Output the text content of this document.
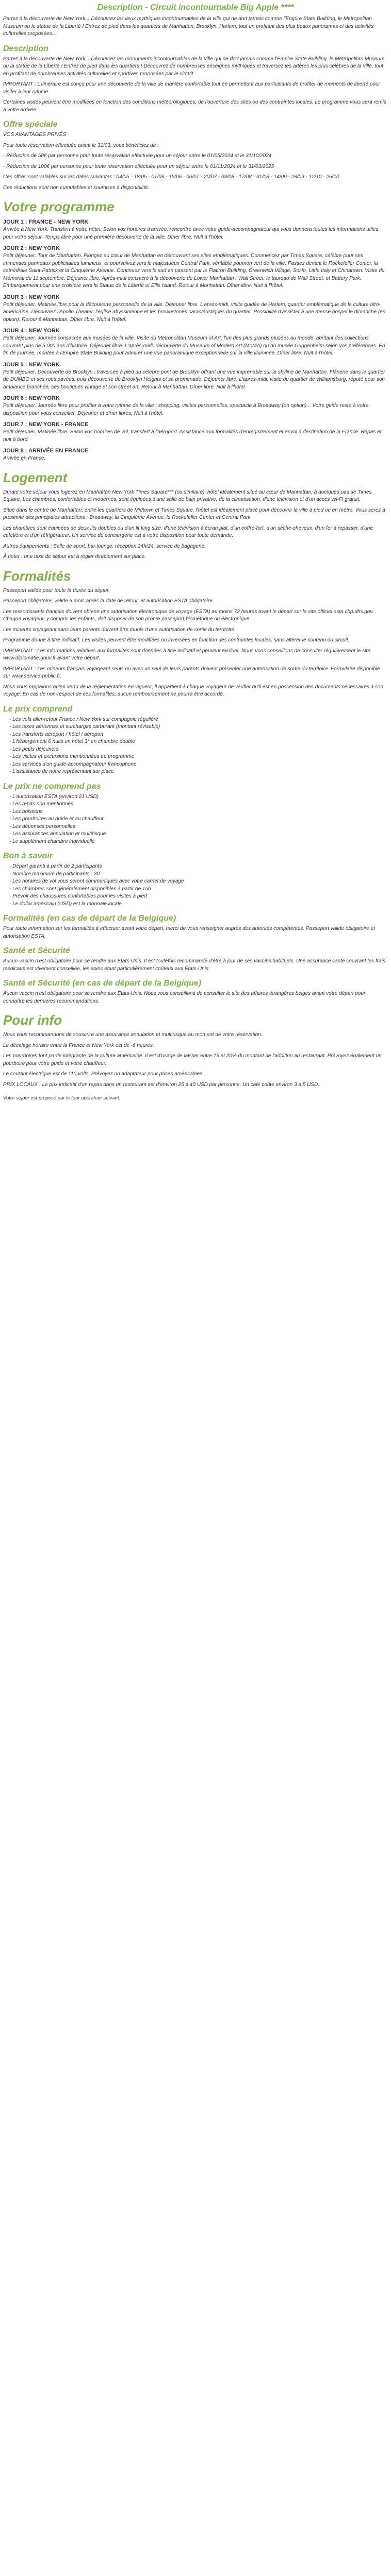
Description - Circuit incontournable Big Apple ****

Partez à la découverte de New York... Découvrez les lieux mythiques incontournables de la ville qui ne dort jamais comme l'Empire State Building, le Metropolitan Museum ou le statue de la Liberté ! Entrez de pied dans les quartiers de Manhattan, Brooklyn, Harlem, tout en profitant des plus beaux panoramas et des activités culturelles proposées...

Description

Partez à la découverte de New York... Découvrez les monuments incontournables de la ville qui ne dort jamais comme l'Empire State Building, le Metropolitan Museum ou la statue de la Liberté ! Entrez de pied dans les quartiers ! Découvrez de nombreuses enseignes mythiques et traversez les artères les plus célèbres de la ville, tout en profitant de nombreuses activités culturelles et sportives proposées par le circuit.

IMPORTANT : L'itinéraire est conçu pour une découverte de la ville de manière confortable tout en permettant aux participants de profiter de moments de liberté pour visiter à leur rythme.

Certaines visites peuvent être modifiées en fonction des conditions météorologiques, de l'ouverture des sites ou des contraintes locales. Le programme vous sera remis à votre arrivée.

Offre spéciale

VOS AVANTAGES PRIVÉS

Pour toute réservation effectuée avant le 31/03, vous bénéficiez de :

- Réduction de 50€ par personne pour toute réservation effectuée pour un séjour entre le 01/05/2024 et le 31/10/2024

- Réduction de 100€ par personne pour toute réservation effectuée pour un séjour entre le 01/11/2024 et le 31/03/2025

Ces offres sont valables sur les dates suivantes : 04/05 - 18/05 - 01/06 - 15/06 - 06/07 - 20/07 - 03/08 - 17/08 - 31/08 - 14/09 - 28/09 - 12/10 - 26/10

Ces réductions sont non cumulables et soumises à disponibilité.

Votre programme
JOUR 1 : FRANCE - NEW YORK

Arrivée à New York. Transfert à votre hôtel. Selon vos horaires d'arrivée, rencontre avec votre guide-accompagnateur qui vous donnera toutes les informations utiles pour votre séjour. Temps libre pour une première découverte de la ville. Dîner libre. Nuit à l'hôtel.

JOUR 2 : NEW YORK

Petit déjeuner. Tour de Manhattan. Plongez au cœur de Manhattan en découvrant ses sites emblématiques. Commencez par Times Square, célèbre pour ses immenses panneaux publicitaires lumineux, et poursuivez vers le majestueux Central Park, véritable poumon vert de la ville. Passez devant le Rockefeller Center, la cathédrale Saint-Patrick et la Cinquième Avenue. Continuez vers le sud en passant par le Flatiron Building, Greenwich Village, SoHo, Little Italy et Chinatown. Visite du Mémorial du 11 septembre. Déjeuner libre. Après-midi consacré à la découverte de Lower Manhattan : Wall Street, le taureau de Wall Street, et Battery Park. Embarquement pour une croisière vers la Statue de la Liberté et Ellis Island. Retour à Manhattan. Dîner libre. Nuit à l'hôtel.

JOUR 3 : NEW YORK

Petit déjeuner. Matinée libre pour la découverte personnelle de la ville. Déjeuner libre. L'après-midi, visite guidée de Harlem, quartier emblématique de la culture afro-américaine. Découvrez l'Apollo Theater, l'église abyssinienne et les brownstones caractéristiques du quartier. Possibilité d'assister à une messe gospel le dimanche (en option). Retour à Manhattan. Dîner libre. Nuit à l'hôtel.

JOUR 4 : NEW YORK

Petit déjeuner. Journée consacrée aux musées de la ville. Visite du Metropolitan Museum of Art, l'un des plus grands musées au monde, abritant des collections couvrant plus de 5 000 ans d'histoire. Déjeuner libre. L'après-midi, découverte du Museum of Modern Art (MoMA) ou du musée Guggenheim selon vos préférences. En fin de journée, montée à l'Empire State Building pour admirer une vue panoramique exceptionnelle sur la ville illuminée. Dîner libre. Nuit à l'hôtel.

JOUR 5 : NEW YORK

Petit déjeuner. Découverte de Brooklyn : traversée à pied du célèbre pont de Brooklyn offrant une vue imprenable sur la skyline de Manhattan. Flânerie dans le quartier de DUMBO et ses rues pavées, puis découverte de Brooklyn Heights et sa promenade. Déjeuner libre. L'après-midi, visite du quartier de Williamsburg, réputé pour son ambiance branchée, ses boutiques vintage et son street art. Retour à Manhattan. Dîner libre. Nuit à l'hôtel.

JOUR 6 : NEW YORK

Petit déjeuner. Journée libre pour profiter à votre rythme de la ville : shopping, visites personnelles, spectacle à Broadway (en option)... Votre guide reste à votre disposition pour vous conseiller. Déjeuner et dîner libres. Nuit à l'hôtel.

JOUR 7 : NEW YORK - FRANCE

Petit déjeuner. Matinée libre. Selon vos horaires de vol, transfert à l'aéroport. Assistance aux formalités d'enregistrement et envol à destination de la France. Repas et nuit à bord.

JOUR 8 : ARRIVÉE EN FRANCE

Arrivée en France.

Logement

Durant votre séjour vous logerez en Manhattan New York Times Square*** (ou similaire), hôtel idéalement situé au cœur de Manhattan, à quelques pas de Times Square. Les chambres, confortables et modernes, sont équipées d'une salle de bain privative, de la climatisation, d'une télévision et d'un accès Wi-Fi gratuit.

Situé dans le centre de Manhattan, entre les quartiers de Midtown et Times Square, l'hôtel est idéalement placé pour découvrir la ville à pied ou en métro. Vous serez à proximité des principales attractions : Broadway, la Cinquième Avenue, le Rockefeller Center et Central Park.

Les chambres sont équipées de deux lits doubles ou d'un lit king size, d'une télévision à écran plat, d'un coffre-fort, d'un sèche-cheveux, d'un fer à repasser, d'une cafetière et d'un réfrigérateur. Un service de conciergerie est à votre disposition pour toute demande.

Autres équipements : Salle de sport, bar-lounge, réception 24h/24, service de bagagerie.

À noter : une taxe de séjour est à régler directement sur place.

Formalités

Passeport valide pour toute la durée du séjour.

Passeport obligatoire, valide 6 mois après la date de retour, et autorisation ESTA obligatoire.

Les ressortissants français doivent obtenir une autorisation électronique de voyage (ESTA) au moins 72 heures avant le départ sur le site officiel esta.cbp.dhs.gov. Chaque voyageur, y compris les enfants, doit disposer de son propre passeport biométrique ou électronique.

Les mineurs voyageant sans leurs parents doivent être munis d'une autorisation de sortie du territoire.

Programme donné à titre indicatif. Les visites peuvent être modifiées ou inversées en fonction des contraintes locales, sans altérer le contenu du circuit.

IMPORTANT : Les informations relatives aux formalités sont données à titre indicatif et peuvent évoluer. Nous vous conseillons de consulter régulièrement le site www.diplomatie.gouv.fr avant votre départ.

IMPORTANT : Les mineurs français voyageant seuls ou avec un seul de leurs parents doivent présenter une autorisation de sortie du territoire. Formulaire disponible sur www.service-public.fr.

Nous vous rappelons qu'en vertu de la réglementation en vigueur, il appartient à chaque voyageur de vérifier qu'il est en possession des documents nécessaires à son voyage. En cas de non-respect de ces formalités, aucun remboursement ne pourra être accordé.

Le prix comprend
- Les vols aller-retour France / New York sur compagnie régulière
- Les taxes aériennes et surcharges carburant (montant révisable)
- Les transferts aéroport / hôtel / aéroport
- L'hébergement 6 nuits en hôtel 3* en chambre double
- Les petits déjeuners
- Les visites et excursions mentionnées au programme
- Les services d'un guide-accompagnateur francophone
- L'assistance de notre représentant sur place
Le prix ne comprend pas
- L'autorisation ESTA (environ 21 USD)
- Les repas non mentionnés
- Les boissons
- Les pourboires au guide et au chauffeur
- Les dépenses personnelles
- Les assurances annulation et multirisque
- Le supplément chambre individuelle
Bon à savoir
- Départ garanti à partir de 2 participants
- Nombre maximum de participants : 30
- Les horaires de vol vous seront communiqués avec votre carnet de voyage
- Les chambres sont généralement disponibles à partir de 15h
- Prévoir des chaussures confortables pour les visites à pied
- Le dollar américain (USD) est la monnaie locale
Formalités (en cas de départ de la Belgique)

Pour toute information sur les formalités à effectuer avant votre départ, merci de vous renseigner auprès des autorités compétentes. Passeport valide obligatoire et autorisation ESTA.

Santé et Sécurité

Aucun vaccin n'est obligatoire pour se rendre aux États-Unis. Il est toutefois recommandé d'être à jour de ses vaccins habituels. Une assurance santé couvrant les frais médicaux est vivement conseillée, les soins étant particulièrement coûteux aux États-Unis.

Santé et Sécurité (en cas de départ de la Belgique)

Aucun vaccin n'est obligatoire pour se rendre aux États-Unis. Nous vous conseillons de consulter le site des affaires étrangères belges avant votre départ pour connaître les dernières recommandations.

Pour info

Nous vous recommandons de souscrire une assurance annulation et multirisque au moment de votre réservation.

Le décalage horaire entre la France et New York est de -6 heures.

Les pourboires font partie intégrante de la culture américaine. Il est d'usage de laisser entre 15 et 20% du montant de l'addition au restaurant. Prévoyez également un pourboire pour votre guide et votre chauffeur.

Le courant électrique est de 110 volts. Prévoyez un adaptateur pour prises américaines.

PRIX LOCAUX : Le prix indicatif d'un repas dans un restaurant est d'environ 25 à 40 USD par personne. Un café coûte environ 3 à 5 USD.

Votre séjour est proposé par le tour opérateur suivant.
